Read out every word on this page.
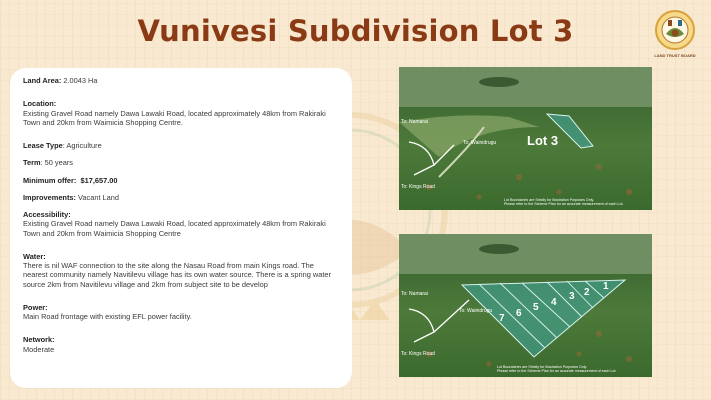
Vunivesi Subdivision Lot 3
LAND TRUST BOARD
Land Area: 2.0043 Ha
Location:
Existing Gravel Road namely Dawa Lawaki Road, located approximately 48km from Rakiraki Town and 20km from Waimicia Shopping Centre.
Lease Type: Agriculture
Term: 50 years
Minimum offer: $17,657.00
Improvements: Vacant Land
Accessibility:
Existing Gravel Road namely Dawa Lawaki Road, located approximately 48km from Rakiraki Town and 20km from Waimicia Shopping Centre
Water:
There is nil WAF connection to the site along the Nasau Road from main Kings road. The nearest community namely Navitilevu village has its own water source. There is a spring water source 2km from Navitilevu village and 2km from subject site to be develop
Power:
Main Road frontage with existing EFL power facility.
Network:
Moderate
Lot 3
To: Namarai
To: Wainidrugu
To: Kings Road
Lot Boundaries are Strictly for Illustration Purposes Only.
Please refer to the Scheme Plan for an accurate measurement of each Lot.
1
2
3
4
5
6
7
To: Namarai
To: Wainidrugu
To: Kings Road
Lot Boundaries are Strictly for Illustration Purposes Only.
Please refer to the Scheme Plan for an accurate measurement of each Lot.
